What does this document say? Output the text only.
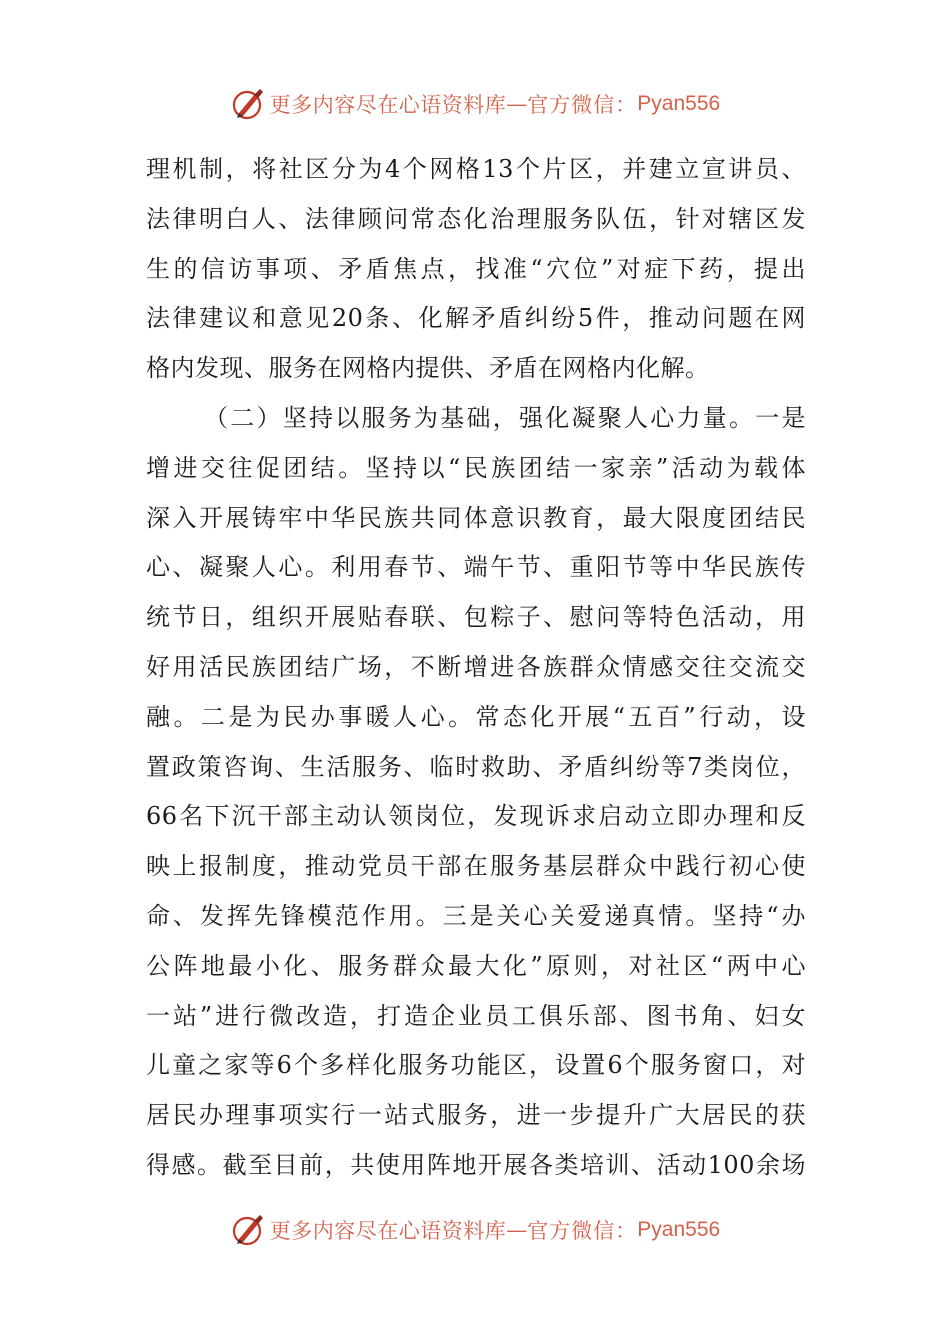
更多内容尽在心语资料库 — 官方微信： Pyan556
理机制，将社区分为4个网格13个片区，并建立宣讲员、
法律明白人、法律顾问常态化治理服务队伍，针对辖区发
生的信访事项、矛盾焦点，找准“穴位”对症下药，提出
法律建议和意见20条、化解矛盾纠纷5件，推动问题在网
格内发现、服务在网格内提供、矛盾在网格内化解。
（二）坚持以服务为基础，强化凝聚人心力量。一是
增进交往促团结。坚持以“民族团结一家亲”活动为载体
深入开展铸牢中华民族共同体意识教育，最大限度团结民
心、凝聚人心。利用春节、端午节、重阳节等中华民族传
统节日，组织开展贴春联、包粽子、慰问等特色活动，用
好用活民族团结广场，不断增进各族群众情感交往交流交
融。二是为民办事暖人心。常态化开展“五百”行动，设
置政策咨询、生活服务、临时救助、矛盾纠纷等7类岗位，
66名下沉干部主动认领岗位，发现诉求启动立即办理和反
映上报制度，推动党员干部在服务基层群众中践行初心使
命、发挥先锋模范作用。三是关心关爱递真情。坚持“办
公阵地最小化、服务群众最大化”原则，对社区“两中心
一站”进行微改造，打造企业员工俱乐部、图书角、妇女
儿童之家等6个多样化服务功能区，设置6个服务窗口，对
居民办理事项实行一站式服务，进一步提升广大居民的获
得感。截至目前，共使用阵地开展各类培训、活动100余场
更多内容尽在心语资料库 — 官方微信： Pyan556
